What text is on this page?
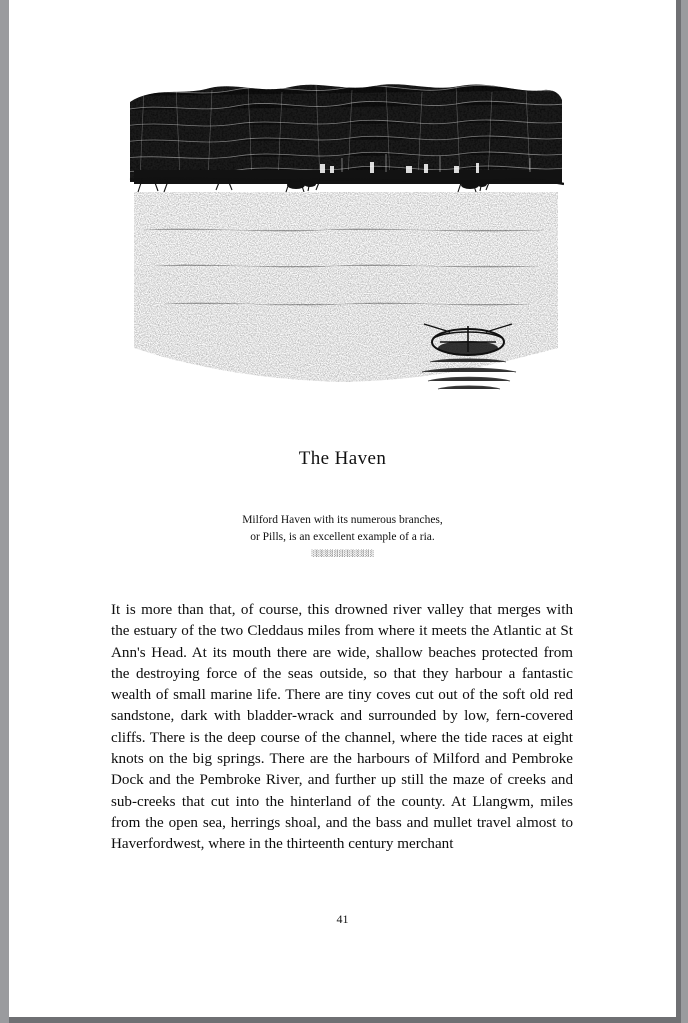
The Haven
Milford Haven with its numerous branches,
or Pills, is an excellent example of a ria.
░░░░░░░░░░░░
It is more than that, of course, this drowned river valley that merges with the estuary of the two Cleddaus miles from where it meets the Atlantic at St Ann's Head. At its mouth there are wide, shallow beaches protected from the destroying force of the seas outside, so that they harbour a fantastic wealth of small marine life. There are tiny coves cut out of the soft old red sandstone, dark with bladder-wrack and surrounded by low, fern-covered cliffs. There is the deep course of the channel, where the tide races at eight knots on the big springs. There are the harbours of Milford and Pembroke Dock and the Pembroke River, and further up still the maze of creeks and sub-creeks that cut into the hinterland of the county. At Llangwm, miles from the open sea, herrings shoal, and the bass and mullet travel almost to Haverfordwest, where in the thirteenth century merchant
41
